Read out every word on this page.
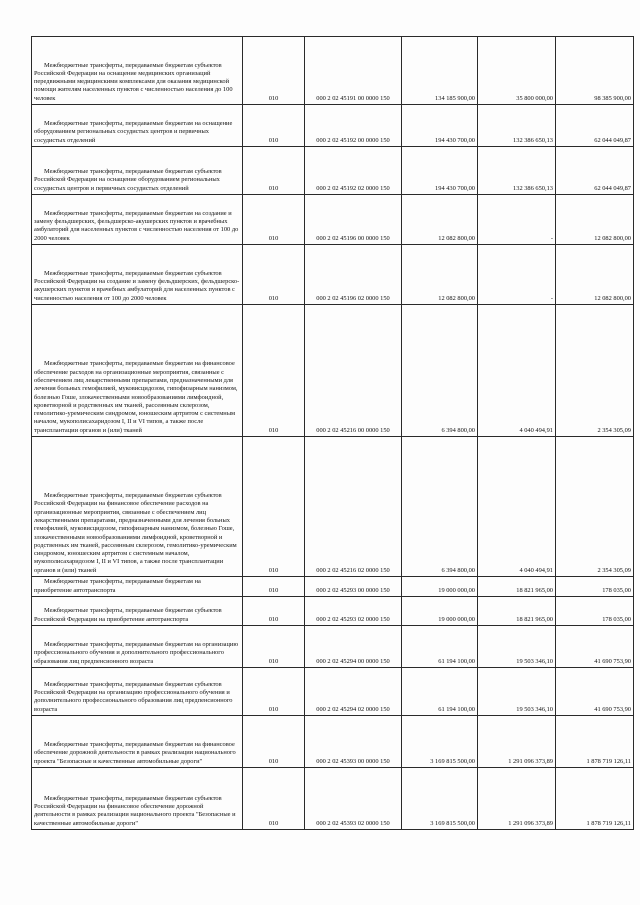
Межбюджетные трансферты, передаваемые бюджетам субъектов Российской Федерации на оснащение медицинских организаций передвижными медицинскими комплексами для оказания медицинской помощи жителям населенных пунктов с численностью населения до 100 человек	010	000 2 02 45191 00 0000 150	134 185 900,00	35 800 000,00	98 385 900,00
Межбюджетные трансферты, передаваемые бюджетам на оснащение оборудованием региональных сосудистых центров и первичных сосудистых отделений	010	000 2 02 45192 00 0000 150	194 430 700,00	132 386 650,13	62 044 049,87
Межбюджетные трансферты, передаваемые бюджетам субъектов Российской Федерации на оснащение оборудованием региональных сосудистых центров и первичных сосудистых отделений	010	000 2 02 45192 02 0000 150	194 430 700,00	132 386 650,13	62 044 049,87
Межбюджетные трансферты, передаваемые бюджетам на создание и замену фельдшерских, фельдшерско-акушерских пунктов и врачебных амбулаторий для населенных пунктов с численностью населения от 100 до 2000 человек	010	000 2 02 45196 00 0000 150	12 082 800,00	-	12 082 800,00
Межбюджетные трансферты, передаваемые бюджетам субъектов Российской Федерации на создание и замену фельдшерских, фельдшерско-акушерских пунктов и врачебных амбулаторий для населенных пунктов с численностью населения от 100 до 2000 человек	010	000 2 02 45196 02 0000 150	12 082 800,00	-	12 082 800,00
Межбюджетные трансферты, передаваемые бюджетам на финансовое обеспечение расходов на организационные мероприятия, связанные с обеспечением лиц лекарственными препаратами, предназначенными для лечения больных гемофилией, муковисцидозом, гипофизарным нанизмом, болезнью Гоше, злокачественными новообразованиями лимфоидной, кроветворной и родственных им тканей, рассеянным склерозом, гемолитико-уремическим синдромом, юношеским артритом с системным началом, мукополисахаридозом I, II и VI типов, а также после трансплантации органов и (или) тканей	010	000 2 02 45216 00 0000 150	6 394 800,00	4 040 494,91	2 354 305,09
Межбюджетные трансферты, передаваемые бюджетам субъектов Российской Федерации на финансовое обеспечение расходов на организационные мероприятия, связанные с обеспечением лиц лекарственными препаратами, предназначенными для лечения больных гемофилией, муковисцидозом, гипофизарным нанизмом, болезнью Гоше, злокачественными новообразованиями лимфоидной, кроветворной и родственных им тканей, рассеянным склерозом, гемолитико-уремическим синдромом, юношеским артритом с системным началом, мукополисахаридозом I, II и VI типов, а также после трансплантации органов и (или) тканей	010	000 2 02 45216 02 0000 150	6 394 800,00	4 040 494,91	2 354 305,09
Межбюджетные трансферты, передаваемые бюджетам на приобретение автотранспорта	010	000 2 02 45293 00 0000 150	19 000 000,00	18 821 965,00	178 035,00
Межбюджетные трансферты, передаваемые бюджетам субъектов Российской Федерации на приобретение автотранспорта	010	000 2 02 45293 02 0000 150	19 000 000,00	18 821 965,00	178 035,00
Межбюджетные трансферты, передаваемые бюджетам на организацию профессионального обучения и дополнительного профессионального образования лиц предпенсионного возраста	010	000 2 02 45294 00 0000 150	61 194 100,00	19 503 346,10	41 690 753,90
Межбюджетные трансферты, передаваемые бюджетам субъектов Российской Федерации на организацию профессионального обучения и дополнительного профессионального образования лиц предпенсионного возраста	010	000 2 02 45294 02 0000 150	61 194 100,00	19 503 346,10	41 690 753,90
Межбюджетные трансферты, передаваемые бюджетам на финансовое обеспечение дорожной деятельности в рамках реализации национального проекта "Безопасные и качественные автомобильные дороги"	010	000 2 02 45393 00 0000 150	3 169 815 500,00	1 291 096 373,89	1 878 719 126,11
Межбюджетные трансферты, передаваемые бюджетам субъектов Российской Федерации на финансовое обеспечение дорожной деятельности в рамках реализации национального проекта "Безопасные и качественные автомобильные дороги"	010	000 2 02 45393 02 0000 150	3 169 815 500,00	1 291 096 373,89	1 878 719 126,11
